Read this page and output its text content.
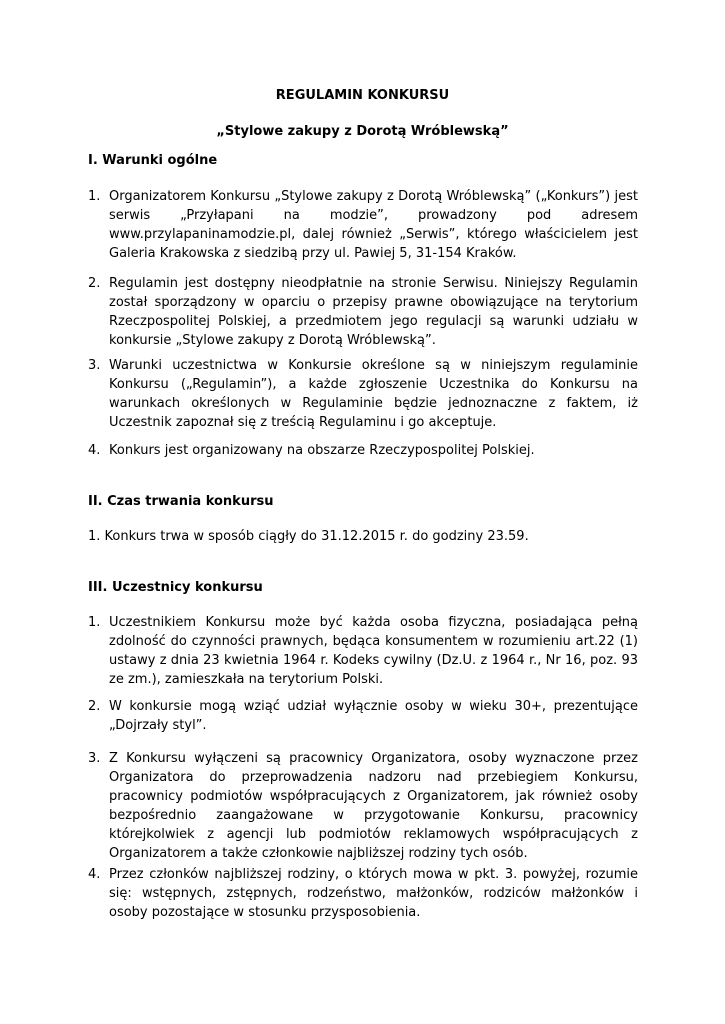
REGULAMIN KONKURSU

„Stylowe zakupy z Dorotą Wróblewską”

I. Warunki ogólne

1. Organizatorem Konkursu „Stylowe zakupy z Dorotą Wróblewską” („Konkurs”) jest serwis „Przyłapani na modzie”, prowadzony pod adresem www.przylapaninamodzie.pl, dalej również „Serwis”, którego właścicielem jest Galeria Krakowska z siedzibą przy ul. Pawiej 5, 31-154 Kraków.
2. Regulamin jest dostępny nieodpłatnie na stronie Serwisu. Niniejszy Regulamin został sporządzony w oparciu o przepisy prawne obowiązujące na terytorium Rzeczpospolitej Polskiej, a przedmiotem jego regulacji są warunki udziału w konkursie „Stylowe zakupy z Dorotą Wróblewską”.
3. Warunki uczestnictwa w Konkursie określone są w niniejszym regulaminie Konkursu („Regulamin”), a każde zgłoszenie Uczestnika do Konkursu na warunkach określonych w Regulaminie będzie jednoznaczne z faktem, iż Uczestnik zapoznał się z treścią Regulaminu i go akceptuje.
4. Konkurs jest organizowany na obszarze Rzeczypospolitej Polskiej.

II. Czas trwania konkursu

1. Konkurs trwa w sposób ciągły do 31.12.2015 r. do godziny 23.59.

III. Uczestnicy konkursu

1. Uczestnikiem Konkursu może być każda osoba fizyczna, posiadająca pełną zdolność do czynności prawnych, będąca konsumentem w rozumieniu art.22 (1) ustawy z dnia 23 kwietnia 1964 r. Kodeks cywilny (Dz.U. z 1964 r., Nr 16, poz. 93 ze zm.), zamieszkała na terytorium Polski.
2. W konkursie mogą wziąć udział wyłącznie osoby w wieku 30+, prezentujące „Dojrzały styl”.
3. Z Konkursu wyłączeni są pracownicy Organizatora, osoby wyznaczone przez Organizatora do przeprowadzenia nadzoru nad przebiegiem Konkursu, pracownicy podmiotów współpracujących z Organizatorem, jak również osoby bezpośrednio zaangażowane w przygotowanie Konkursu, pracownicy którejkolwiek z agencji lub podmiotów reklamowych współpracujących z Organizatorem a także członkowie najbliższej rodziny tych osób.
4. Przez członków najbliższej rodziny, o których mowa w pkt. 3. powyżej, rozumie się: wstępnych, zstępnych, rodzeństwo, małżonków, rodziców małżonków i osoby pozostające w stosunku przysposobienia.
